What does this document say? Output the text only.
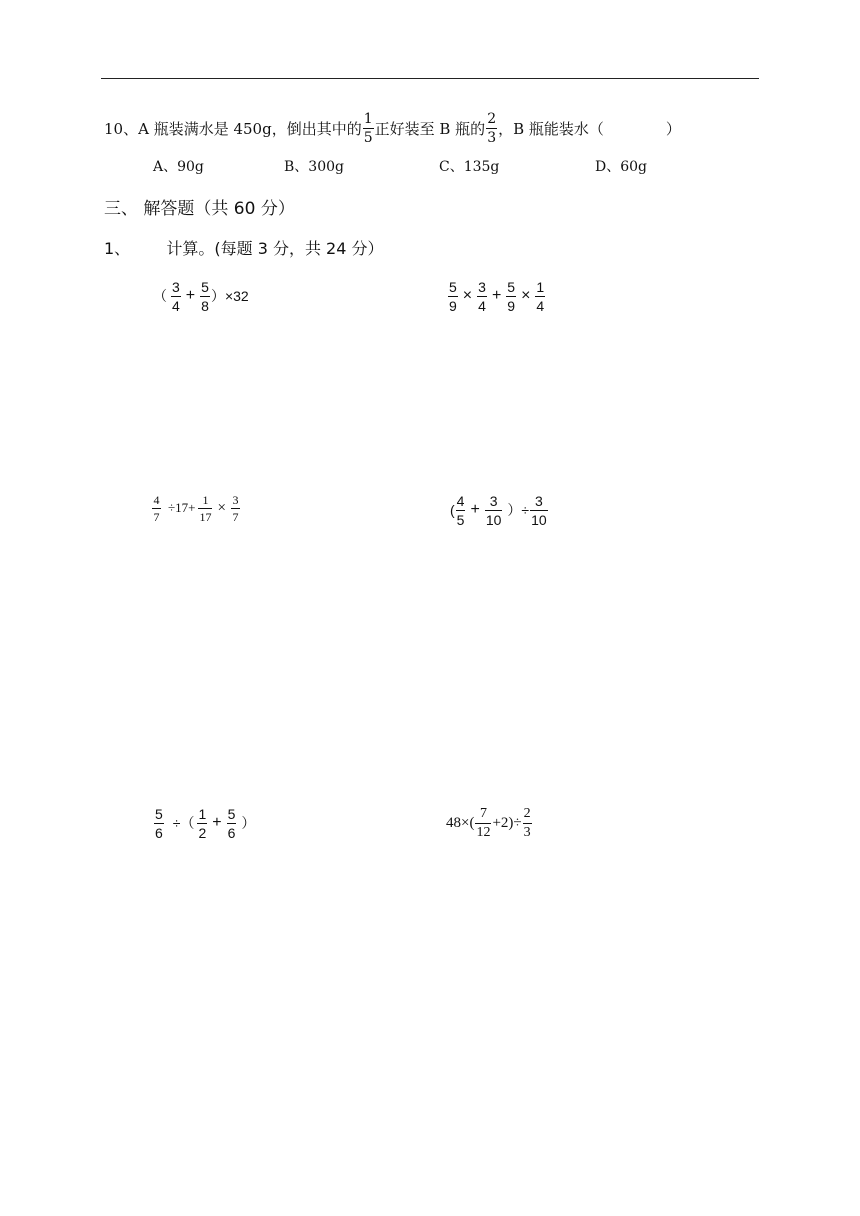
10、A 瓶装满水是 450g，倒出其中的 $\frac{1}{5}$ 正好装至 B 瓶的 $\frac{2}{3}$ ，B 瓶能装水（	）
A、90g	B、300g	C、135g	D、60g
三、 解答题（共 60 分）
1、 计算。(每题 3 分，共 24 分）
（ $\frac{3}{4} + \frac{5}{8}$ ） ×32	$\frac{5}{9} \times \frac{3}{4} + \frac{5}{9} \times \frac{1}{4}$
$\frac{4}{7} \div 17+ \frac{1}{17} \times \frac{3}{7}$	( $\frac{4}{5} + \frac{3}{10}$ ）÷ $\frac{3}{10}$
$\frac{5}{6}$ ÷（ $\frac{1}{2} + \frac{5}{6}$ ）	$48\times( \frac{7}{12} +2)\div \frac{2}{3}$
